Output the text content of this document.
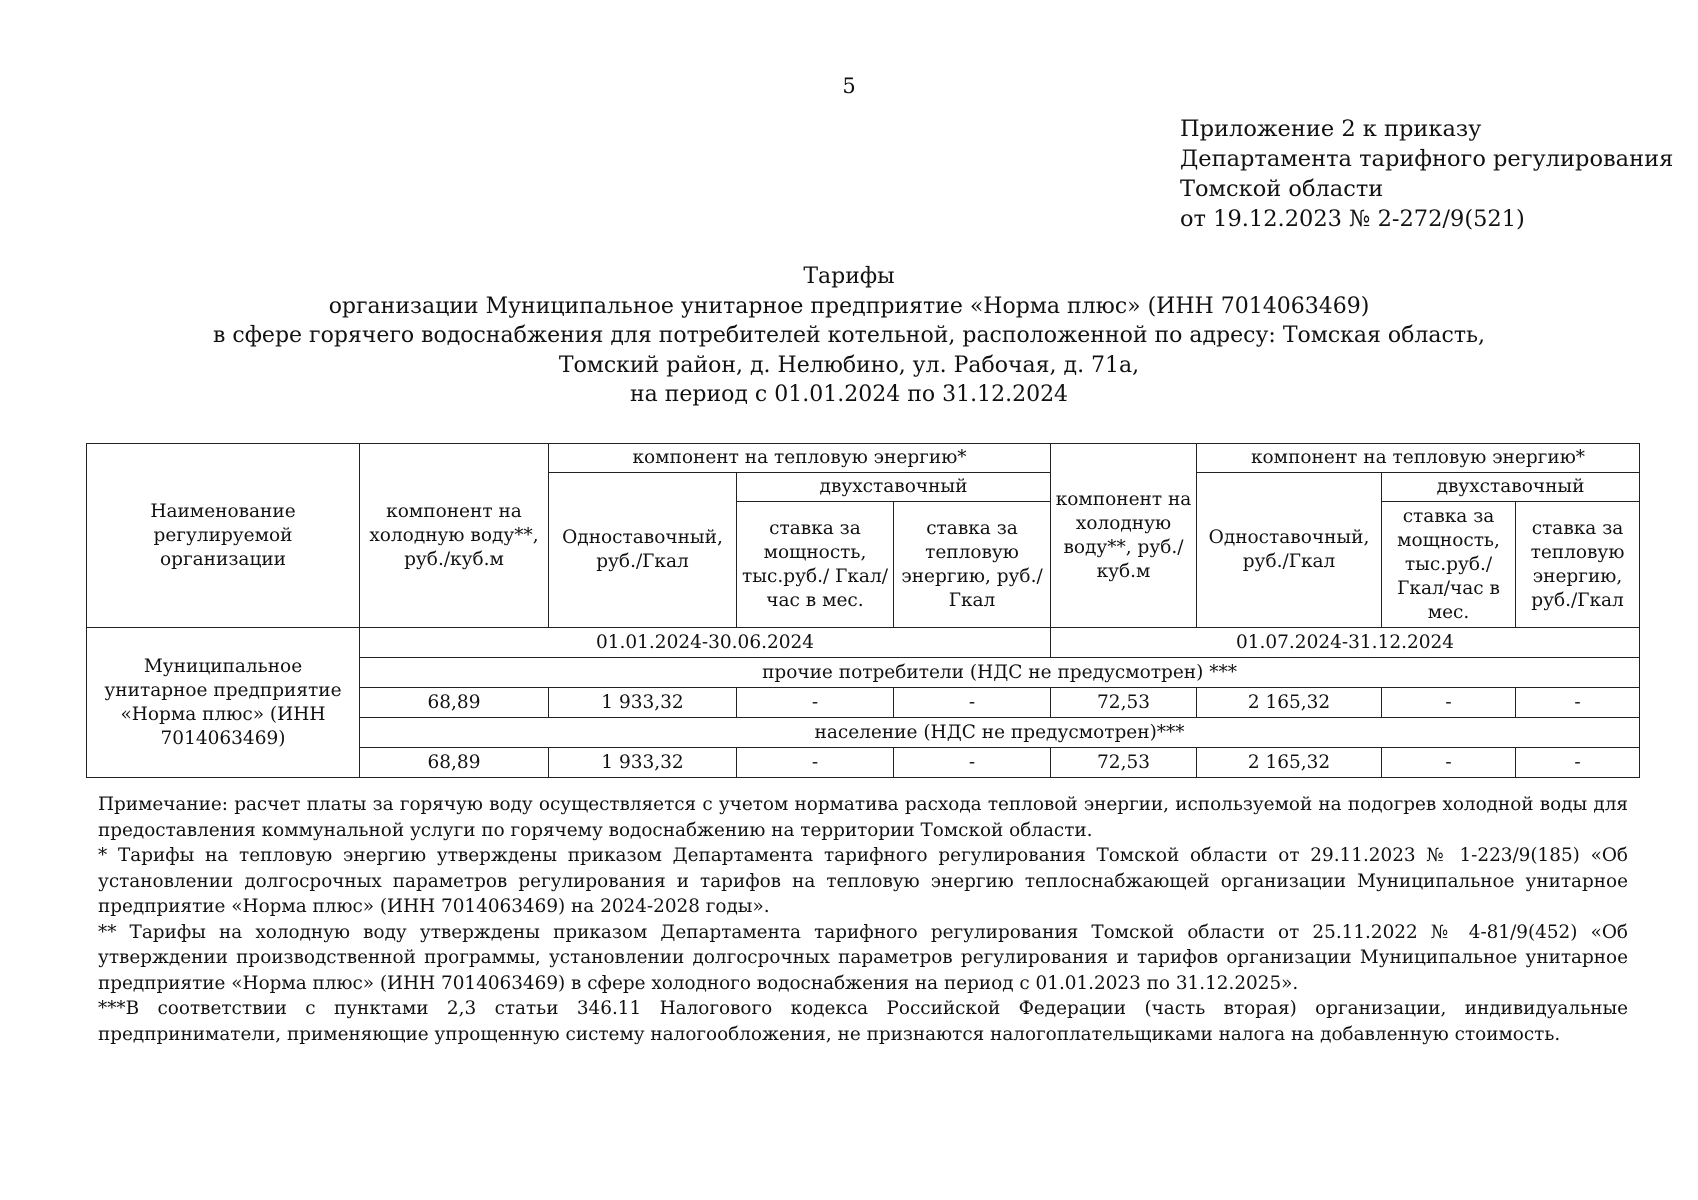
5
Приложение 2 к приказу
Департамента тарифного регулирования
Томской области
от 19.12.2023 № 2-272/9(521)
Тарифы
организации Муниципальное унитарное предприятие «Норма плюс» (ИНН 7014063469)
в сфере горячего водоснабжения для потребителей котельной, расположенной по адресу: Томская область,
Томский район, д. Нелюбино, ул. Рабочая, д. 71а,
на период с 01.01.2024 по 31.12.2024
Наименование регулируемой организации	компонент на холодную воду**, руб./куб.м	компонент на тепловую энергию*			компонент на холодную воду**, руб./куб.м	компонент на тепловую энергию*		
		Одноставочный, руб./Гкал	двухставочный			Одноставочный, руб./Гкал	двухставочный	
			ставка за мощность, тыс.руб./ Гкал/час в мес.	ставка за тепловую энергию, руб./Гкал			ставка за мощность, тыс.руб./ Гкал/час в мес.	ставка за тепловую энергию, руб./Гкал
Муниципальное унитарное предприятие «Норма плюс» (ИНН 7014063469)	01.01.2024-30.06.2024				01.07.2024-31.12.2024			
	прочие потребители (НДС не предусмотрен) ***							
	68,89	1 933,32	-	-	72,53	2 165,32	-	-
	население (НДС не предусмотрен)***							
	68,89	1 933,32	-	-	72,53	2 165,32	-	-

Примечание: расчет платы за горячую воду осуществляется с учетом норматива расхода тепловой энергии, используемой на подогрев холодной воды для предоставления коммунальной услуги по горячему водоснабжению на территории Томской области.

* Тарифы на тепловую энергию утверждены приказом Департамента тарифного регулирования Томской области от 29.11.2023 № 1-223/9(185) «Об установлении долгосрочных параметров регулирования и тарифов на тепловую энергию теплоснабжающей организации Муниципальное унитарное предприятие «Норма плюс» (ИНН 7014063469) на 2024-2028 годы».

** Тарифы на холодную воду утверждены приказом Департамента тарифного регулирования Томской области от 25.11.2022 № 4-81/9(452) «Об утверждении производственной программы, установлении долгосрочных параметров регулирования и тарифов организации Муниципальное унитарное предприятие «Норма плюс» (ИНН 7014063469) в сфере холодного водоснабжения на период с 01.01.2023 по 31.12.2025».

***В соответствии с пунктами 2,3 статьи 346.11 Налогового кодекса Российской Федерации (часть вторая) организации, индивидуальные предприниматели, применяющие упрощенную систему налогообложения, не признаются налогоплательщиками налога на добавленную стоимость.
